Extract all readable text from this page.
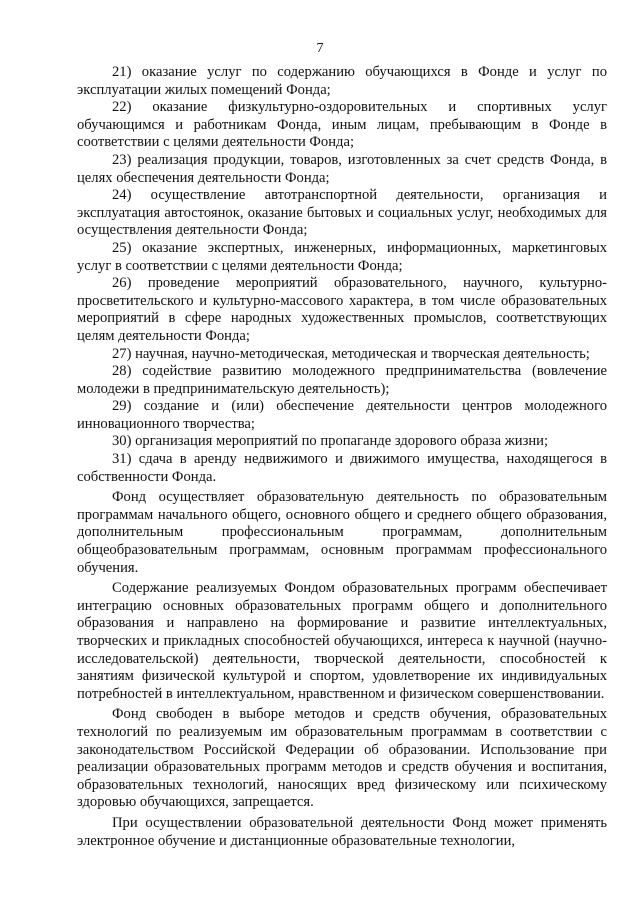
7

21) оказание услуг по содержанию обучающихся в Фонде и услуг по эксплуатации жилых помещений Фонда;

22) оказание физкультурно-оздоровительных и спортивных услуг обучающимся и работникам Фонда, иным лицам, пребывающим в Фонде в соответствии с целями деятельности Фонда;

23) реализация продукции, товаров, изготовленных за счет средств Фонда, в целях обеспечения деятельности Фонда;

24) осуществление автотранспортной деятельности, организация и эксплуатация автостоянок, оказание бытовых и социальных услуг, необходимых для осуществления деятельности Фонда;

25) оказание экспертных, инженерных, информационных, маркетинговых услуг в соответствии с целями деятельности Фонда;

26) проведение мероприятий образовательного, научного, культурно-просветительского и культурно-массового характера, в том числе образовательных мероприятий в сфере народных художественных промыслов, соответствующих целям деятельности Фонда;

27) научная, научно-методическая, методическая и творческая деятельность;

28) содействие развитию молодежного предпринимательства (вовлечение молодежи в предпринимательскую деятельность);

29) создание и (или) обеспечение деятельности центров молодежного инновационного творчества;

30) организация мероприятий по пропаганде здорового образа жизни;

31) сдача в аренду недвижимого и движимого имущества, находящегося в собственности Фонда.

Фонд осуществляет образовательную деятельность по образовательным программам начального общего, основного общего и среднего общего образования, дополнительным профессиональным программам, дополнительным общеобразовательным программам, основным программам профессионального обучения.

Содержание реализуемых Фондом образовательных программ обеспечивает интеграцию основных образовательных программ общего и дополнительного образования и направлено на формирование и развитие интеллектуальных, творческих и прикладных способностей обучающихся, интереса к научной (научно-исследовательской) деятельности, творческой деятельности, способностей к занятиям физической культурой и спортом, удовлетворение их индивидуальных потребностей в интеллектуальном, нравственном и физическом совершенствовании.

Фонд свободен в выборе методов и средств обучения, образовательных технологий по реализуемым им образовательным программам в соответствии с законодательством Российской Федерации об образовании. Использование при реализации образовательных программ методов и средств обучения и воспитания, образовательных технологий, наносящих вред физическому или психическому здоровью обучающихся, запрещается.

При осуществлении образовательной деятельности Фонд может применять электронное обучение и дистанционные образовательные технологии,
